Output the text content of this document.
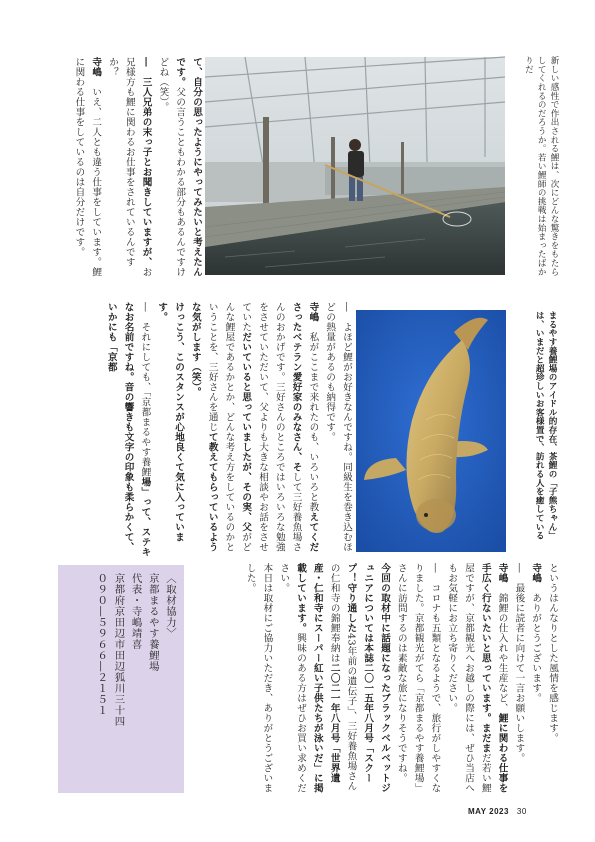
新しい感性で作出される鯉は、次にどんな驚きをもたらしてくれるのだろうか。若い鯉師の挑戦は始まったばかりだ
まるやす養鯉場のアイドル的存在、茶鯉の「子熊ちゃん」は、いまだと超珍しいお客様置で、訪れる人を癒している

て、自分の思ったようにやってみたいと考えたんです。父の言うこともわかる部分もあるんですけどね（笑）。

―　三人兄弟の末っ子とお聞きしていますが、お兄様方も鯉に関わるお仕事をされているんですか？

寺嶋　いえ、二人とも違う仕事をしています。鯉に関わる仕事をしているのは自分だけです。

―　よほど鯉がお好きなんですね。同級生を巻き込むほどの熱量があるのも納得です。

寺嶋　私がここまで来れたのも、いろいろと教えてくださったベテラン愛好家のみなさん、そして三好養魚場さんのおかげです。三好さんのところではいろいろな勉強をさせていただいて、父よりも大きな相談やお話をさせていただいていると思っていましたが、その実、父がどんな鯉屋であるかとか、どんな考え方をしているのかということを、三好さんを通じて教えてもらっているような気がします（笑）。

けっこう、このスタンスが心地良くて気に入っています。

―　それにしても、「京都まるやす養鯉場」って、ステキなお名前ですね。音の響きも文字の印象も柔らかくて、いかにも「京都

というはんなりとした風情を感じます。

寺嶋　ありがとうございます。

―　最後に読者に向けて一言お願いします。

寺嶋　錦鯉の仕入れや生産など、鯉に関わる仕事を手広く行ないたいと思っています。まだまだ若い鯉屋ですが、京都観光へお越しの際には、ぜひ当店へもお気軽にお立ち寄りください。

―　コロナも五類となるようで、旅行がしやすくなりました。京都観光がてら「京都まるやす養鯉場」さんに訪問するのは素敵な旅になりそうですね。

今回の取材中に話題になったブラックベルベットジュニアについては本誌二〇一五年八月号「スクープ！守り通した43年前の遺伝子」、三好養魚場さんの仁和寺の錦鯉奉納は二〇二一年八月号「世界遺産・仁和寺にスーパー紅い子供たちが泳いだ」に掲載しています。興味のある方はぜひお買い求めください。

本日は取材にご協力いただき、ありがとうございました。

〈取材協力〉
京都まるやす養鯉場
代表・寺嶋靖喜
京都府京田辺市田辺狐川三十四
０９０―５９６６―２１５１
MAY 2023 30
